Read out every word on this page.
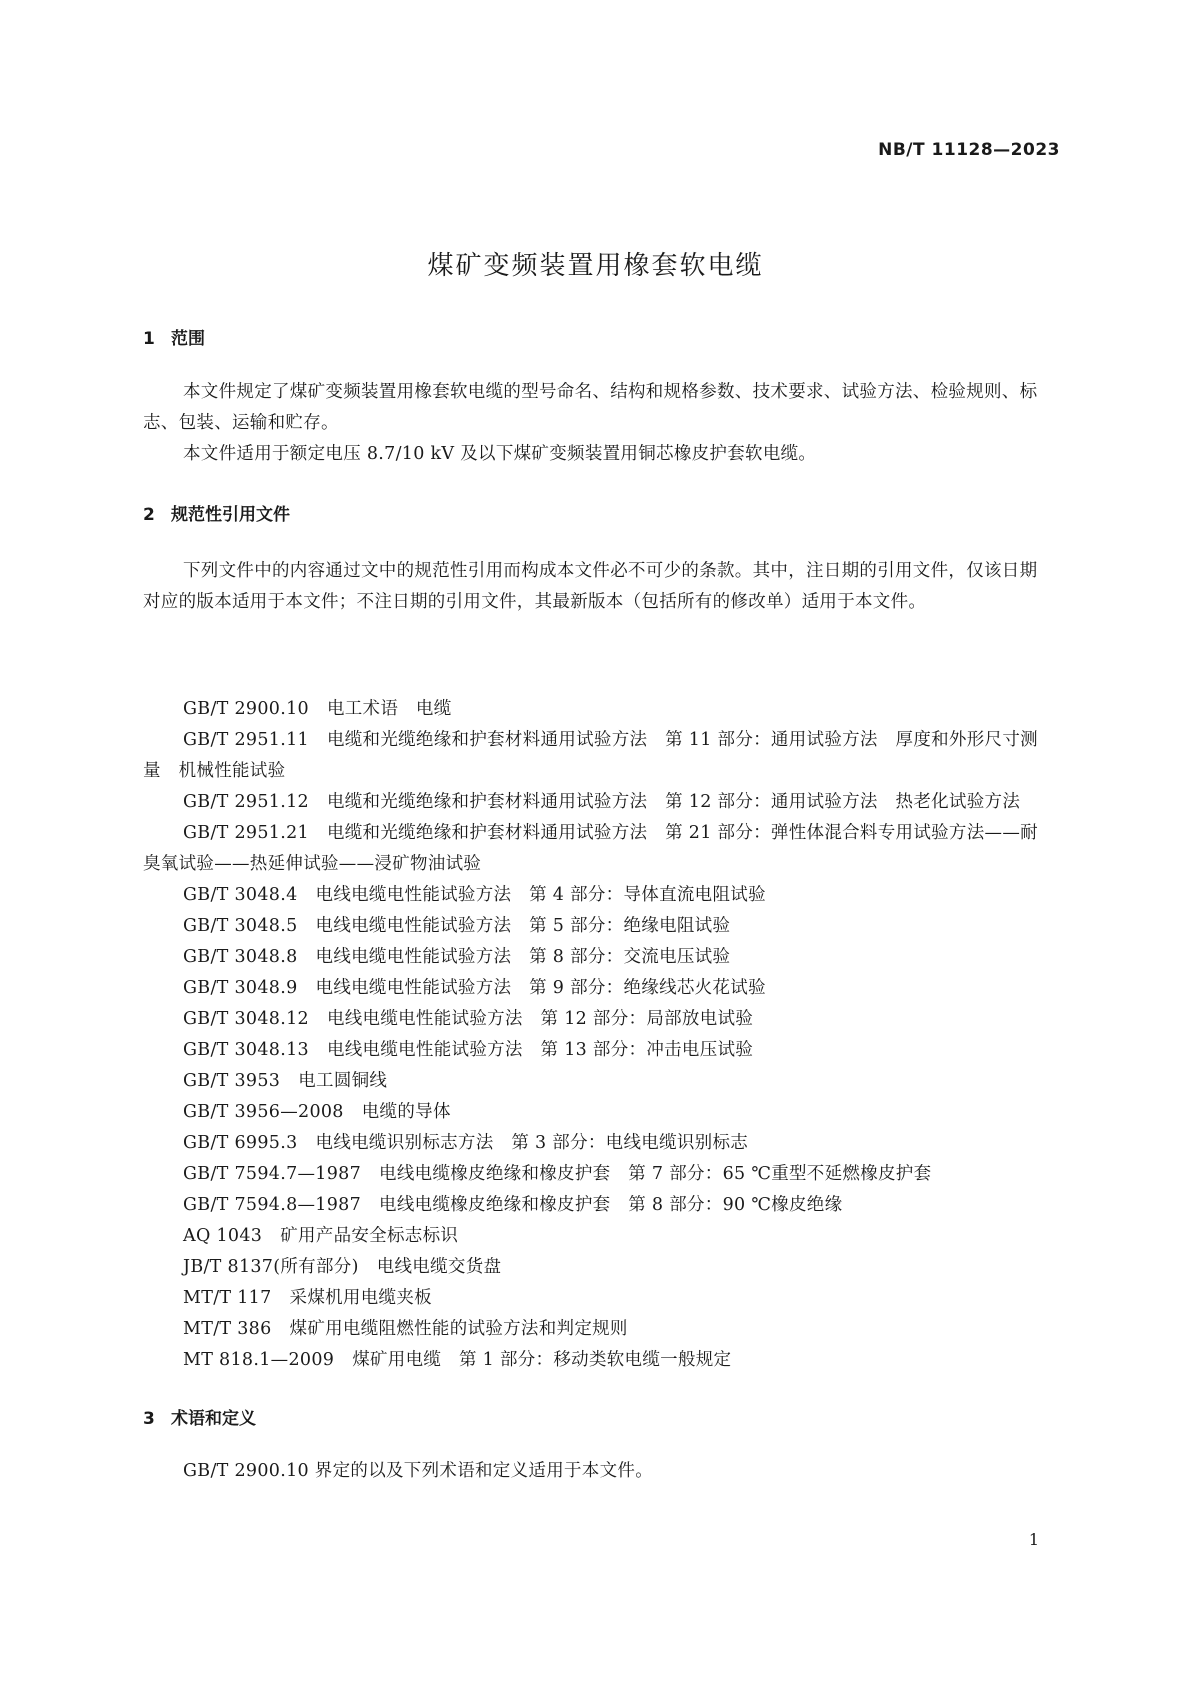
NB/T 11128—2023
煤矿变频装置用橡套软电缆
1 范围

本文件规定了煤矿变频装置用橡套软电缆的型号命名、结构和规格参数、技术要求、试验方法、检验规则、标志、包装、运输和贮存。

本文件适用于额定电压 8.7/10 kV 及以下煤矿变频装置用铜芯橡皮护套软电缆。

2 规范性引用文件

下列文件中的内容通过文中的规范性引用而构成本文件必不可少的条款。其中，注日期的引用文件，仅该日期对应的版本适用于本文件；不注日期的引用文件，其最新版本（包括所有的修改单）适用于本文件。

GB/T 2900.10 电工术语　电缆
GB/T 2951.11 电缆和光缆绝缘和护套材料通用试验方法　第 11 部分：通用试验方法　厚度和外形尺寸测量　机械性能试验
GB/T 2951.12 电缆和光缆绝缘和护套材料通用试验方法　第 12 部分：通用试验方法　热老化试验方法
GB/T 2951.21 电缆和光缆绝缘和护套材料通用试验方法　第 21 部分：弹性体混合料专用试验方法——耐臭氧试验——热延伸试验——浸矿物油试验
GB/T 3048.4 电线电缆电性能试验方法　第 4 部分：导体直流电阻试验
GB/T 3048.5 电线电缆电性能试验方法　第 5 部分：绝缘电阻试验
GB/T 3048.8 电线电缆电性能试验方法　第 8 部分：交流电压试验
GB/T 3048.9 电线电缆电性能试验方法　第 9 部分：绝缘线芯火花试验
GB/T 3048.12 电线电缆电性能试验方法　第 12 部分：局部放电试验
GB/T 3048.13 电线电缆电性能试验方法　第 13 部分：冲击电压试验
GB/T 3953 电工圆铜线
GB/T 3956—2008 电缆的导体
GB/T 6995.3 电线电缆识别标志方法　第 3 部分：电线电缆识别标志
GB/T 7594.7—1987 电线电缆橡皮绝缘和橡皮护套　第 7 部分：65 ℃重型不延燃橡皮护套
GB/T 7594.8—1987 电线电缆橡皮绝缘和橡皮护套　第 8 部分：90 ℃橡皮绝缘
AQ 1043 矿用产品安全标志标识
JB/T 8137(所有部分) 电线电缆交货盘
MT/T 117 采煤机用电缆夹板
MT/T 386 煤矿用电缆阻燃性能的试验方法和判定规则
MT 818.1—2009 煤矿用电缆　第 1 部分：移动类软电缆一般规定
3 术语和定义

GB/T 2900.10 界定的以及下列术语和定义适用于本文件。

1
